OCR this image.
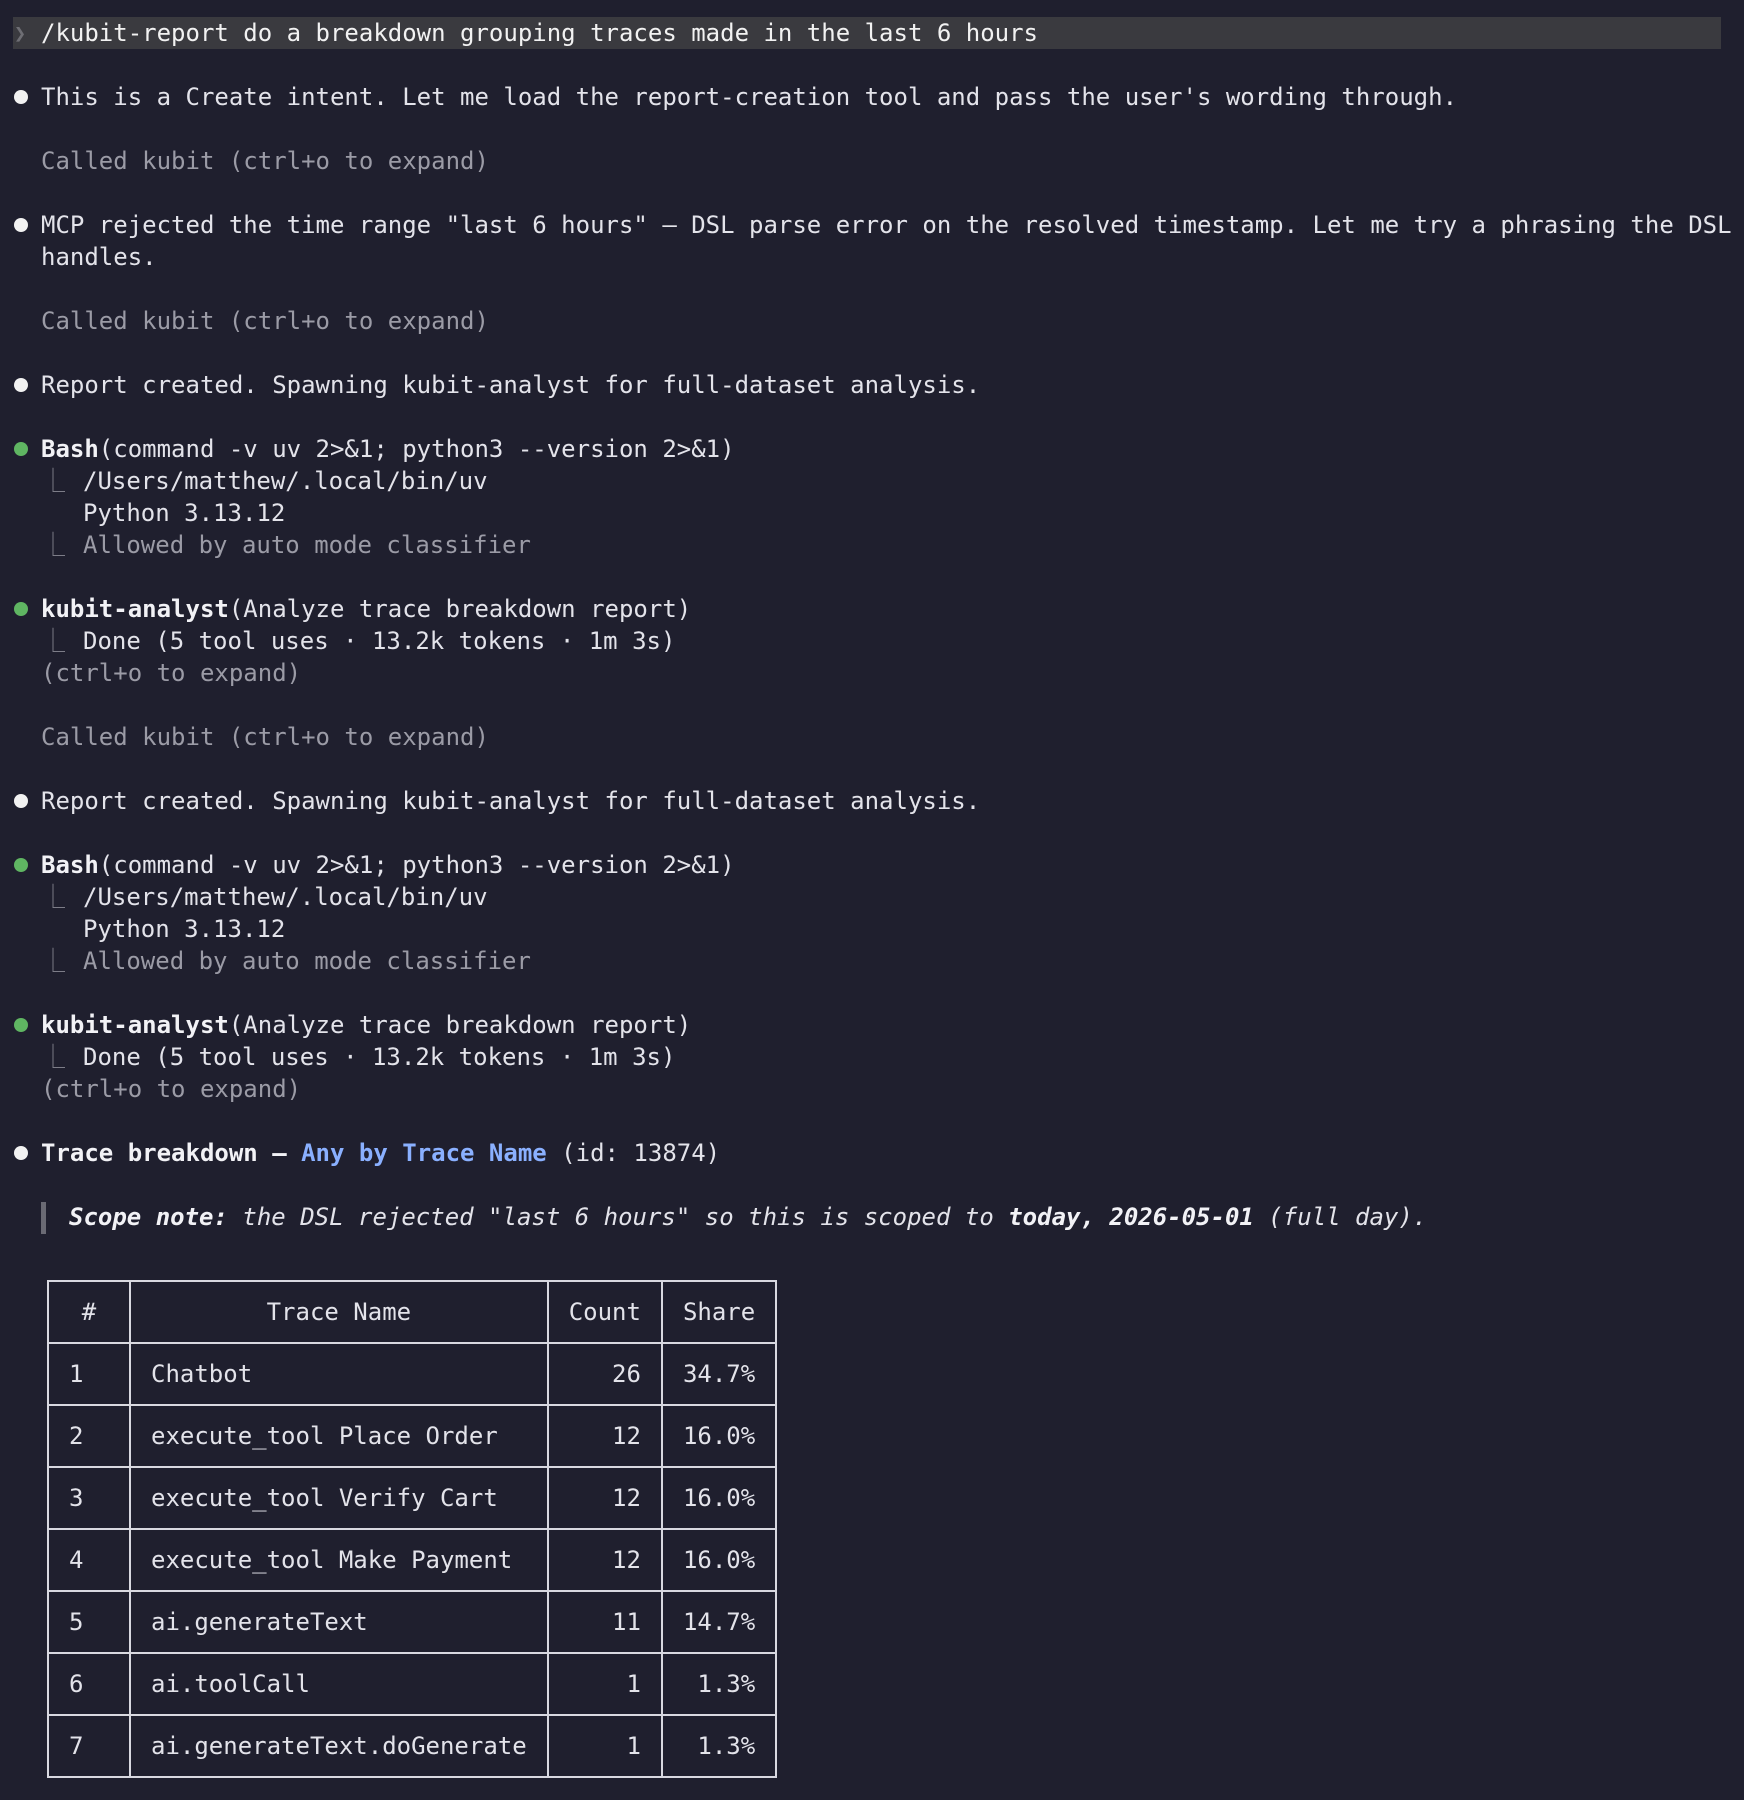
❯ /kubit-report do a breakdown grouping traces made in the last 6 hours
This is a Create intent. Let me load the report-creation tool and pass the user's wording through.
Called kubit (ctrl+o to expand)
MCP rejected the time range "last 6 hours" — DSL parse error on the resolved timestamp. Let me try a phrasing the DSL
handles.
Called kubit (ctrl+o to expand)
Report created. Spawning kubit-analyst for full-dataset analysis.
Bash(command -v uv 2>&1; python3 --version 2>&1)
⎿ /Users/matthew/.local/bin/uv
Python 3.13.12
⎿ Allowed by auto mode classifier
kubit-analyst(Analyze trace breakdown report)
⎿ Done (5 tool uses · 13.2k tokens · 1m 3s)
(ctrl+o to expand)
Called kubit (ctrl+o to expand)
Report created. Spawning kubit-analyst for full-dataset analysis.
Bash(command -v uv 2>&1; python3 --version 2>&1)
⎿ /Users/matthew/.local/bin/uv
Python 3.13.12
⎿ Allowed by auto mode classifier
kubit-analyst(Analyze trace breakdown report)
⎿ Done (5 tool uses · 13.2k tokens · 1m 3s)
(ctrl+o to expand)
Trace breakdown — Any by Trace Name (id: 13874)
Scope note: the DSL rejected "last 6 hours" so this is scoped to today, 2026-05-01 (full day).
#	Trace Name	Count	Share
1	Chatbot	26	34.7%
2	execute_tool Place Order	12	16.0%
3	execute_tool Verify Cart	12	16.0%
4	execute_tool Make Payment	12	16.0%
5	ai.generateText	11	14.7%
6	ai.toolCall	1	1.3%
7	ai.generateText.doGenerate	1	1.3%
